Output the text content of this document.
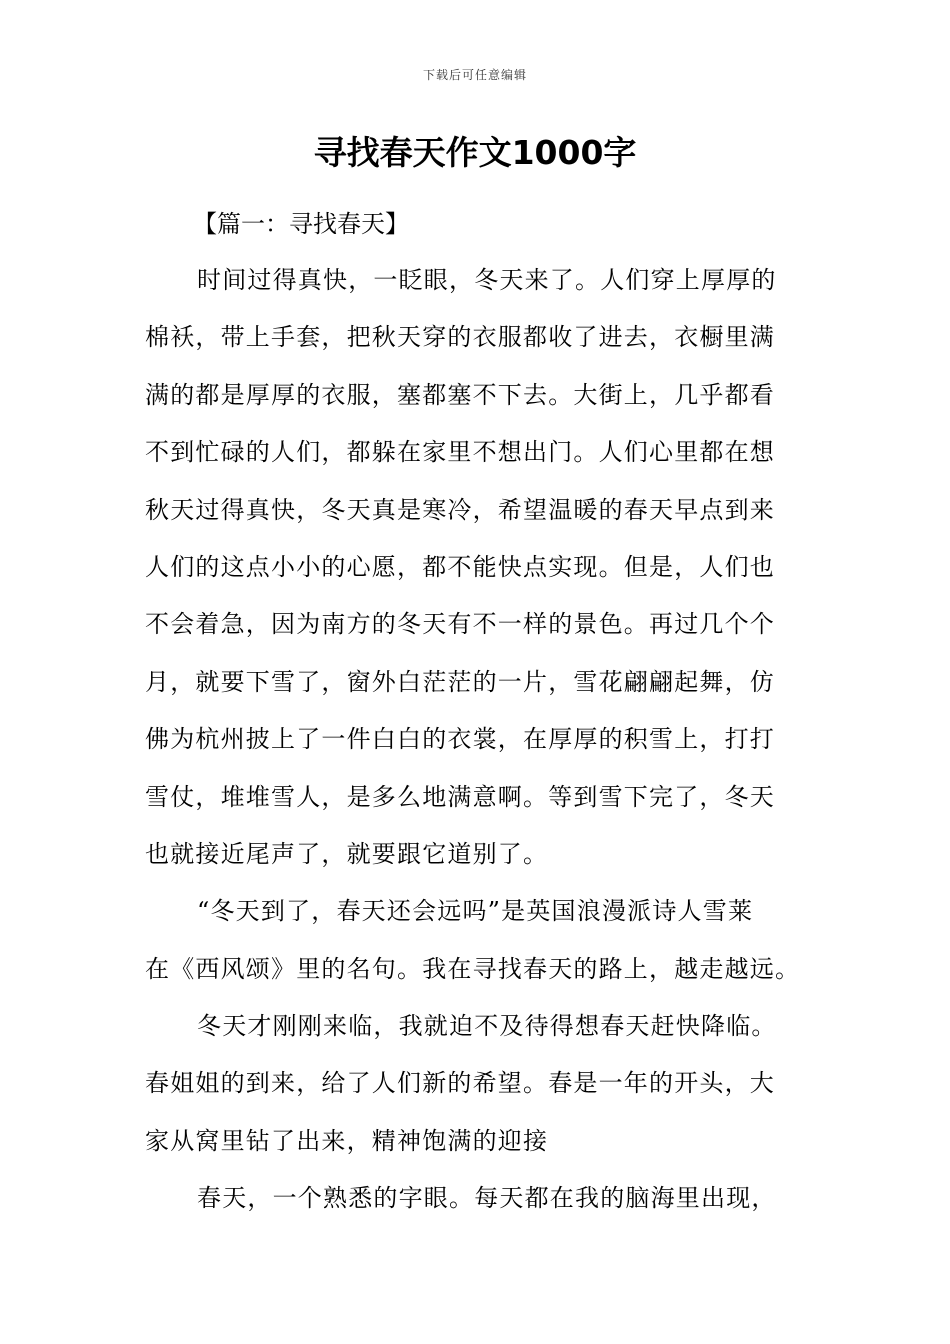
下载后可任意编辑
寻找春天作文1000字
【篇一：寻找春天】
时间过得真快，一眨眼，冬天来了。人们穿上厚厚的
棉袄，带上手套，把秋天穿的衣服都收了进去，衣橱里满
满的都是厚厚的衣服，塞都塞不下去。大街上，几乎都看
不到忙碌的人们，都躲在家里不想出门。人们心里都在想
秋天过得真快，冬天真是寒冷，希望温暖的春天早点到来
人们的这点小小的心愿，都不能快点实现。但是，人们也
不会着急，因为南方的冬天有不一样的景色。再过几个个
月，就要下雪了，窗外白茫茫的一片，雪花翩翩起舞，仿
佛为杭州披上了一件白白的衣裳，在厚厚的积雪上，打打
雪仗，堆堆雪人，是多么地满意啊。等到雪下完了，冬天
也就接近尾声了，就要跟它道别了。
“冬天到了，春天还会远吗”是英国浪漫派诗人雪莱
在《西风颂》里的名句。我在寻找春天的路上，越走越远。
冬天才刚刚来临，我就迫不及待得想春天赶快降临。
春姐姐的到来，给了人们新的希望。春是一年的开头，大
家从窝里钻了出来，精神饱满的迎接
春天，一个熟悉的字眼。每天都在我的脑海里出现，
